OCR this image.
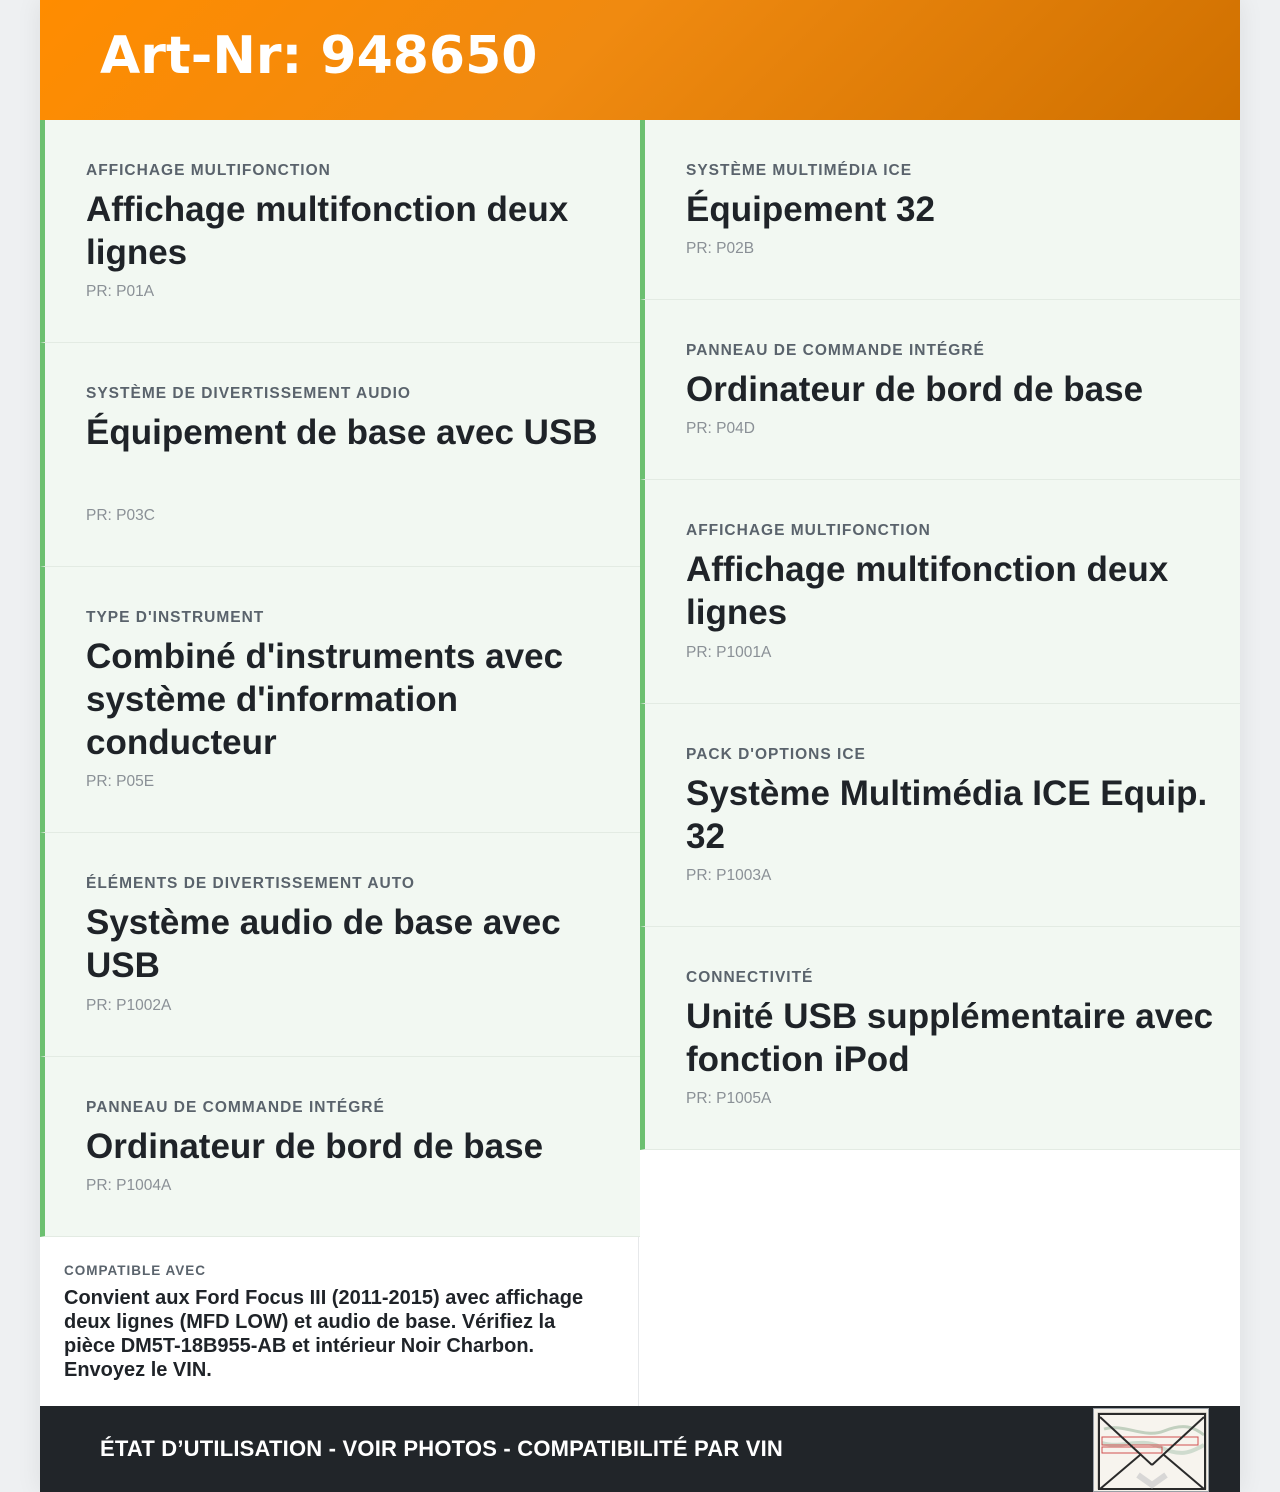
Art-Nr: 948650
AFFICHAGE MULTIFONCTION
Affichage multifonction deux lignes
PR: P01A
SYSTÈME DE DIVERTISSEMENT AUDIO
Équipement de base avec USB
PR: P03C
TYPE D'INSTRUMENT
Combiné d'instruments avec système d'information conducteur
PR: P05E
ÉLÉMENTS DE DIVERTISSEMENT AUTO
Système audio de base avec USB
PR: P1002A
PANNEAU DE COMMANDE INTÉGRÉ
Ordinateur de bord de base
PR: P1004A
SYSTÈME MULTIMÉDIA ICE
Équipement 32
PR: P02B
PANNEAU DE COMMANDE INTÉGRÉ
Ordinateur de bord de base
PR: P04D
AFFICHAGE MULTIFONCTION
Affichage multifonction deux lignes
PR: P1001A
PACK D'OPTIONS ICE
Système Multimédia ICE Equip. 32
PR: P1003A
CONNECTIVITÉ
Unité USB supplémentaire avec fonction iPod
PR: P1005A
COMPATIBLE AVEC
Convient aux Ford Focus III (2011-2015) avec affichage deux lignes (MFD LOW) et audio de base. Vérifiez la pièce DM5T-18B955-AB et intérieur Noir Charbon. Envoyez le VIN.
ÉTAT D’UTILISATION - VOIR PHOTOS - COMPATIBILITÉ PAR VIN
